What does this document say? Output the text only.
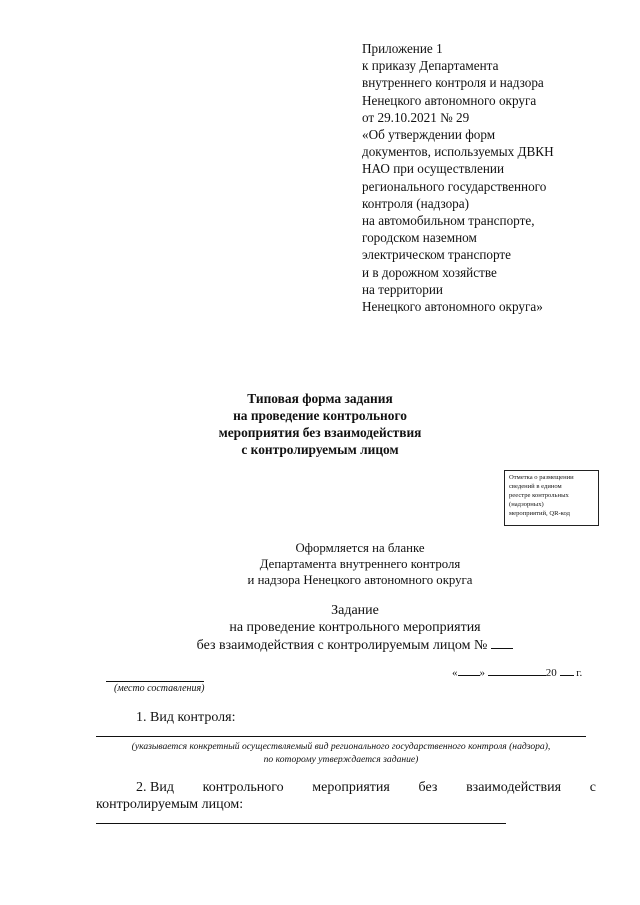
Приложение 1
к приказу Департамента
внутреннего контроля и надзора
Ненецкого автономного округа
от 29.10.2021 № 29
«Об утверждении форм
документов, используемых ДВКН
НАО при осуществлении
регионального государственного
контроля (надзора)
на автомобильном транспорте,
городском наземном
электрическом транспорте
и в дорожном хозяйстве
на территории
Ненецкого автономного округа»
Типовая форма задания
на проведение контрольного
мероприятия без взаимодействия
с контролируемым лицом
Отметка о размещении
сведений в едином
реестре контрольных
(надзорных)
мероприятий, QR-код
Оформляется на бланке
Департамента внутреннего контроля
и надзора Ненецкого автономного округа
Задание
на проведение контрольного мероприятия
без взаимодействия с контролируемым лицом №
(место составления)
« »	20 г.
1. Вид контроля:
(указывается конкретный осуществляемый вид регионального государственного контроля (надзора),
по которому утверждается задание)
2. Вид контрольного мероприятия без взаимодействия с
контролируемым лицом:
